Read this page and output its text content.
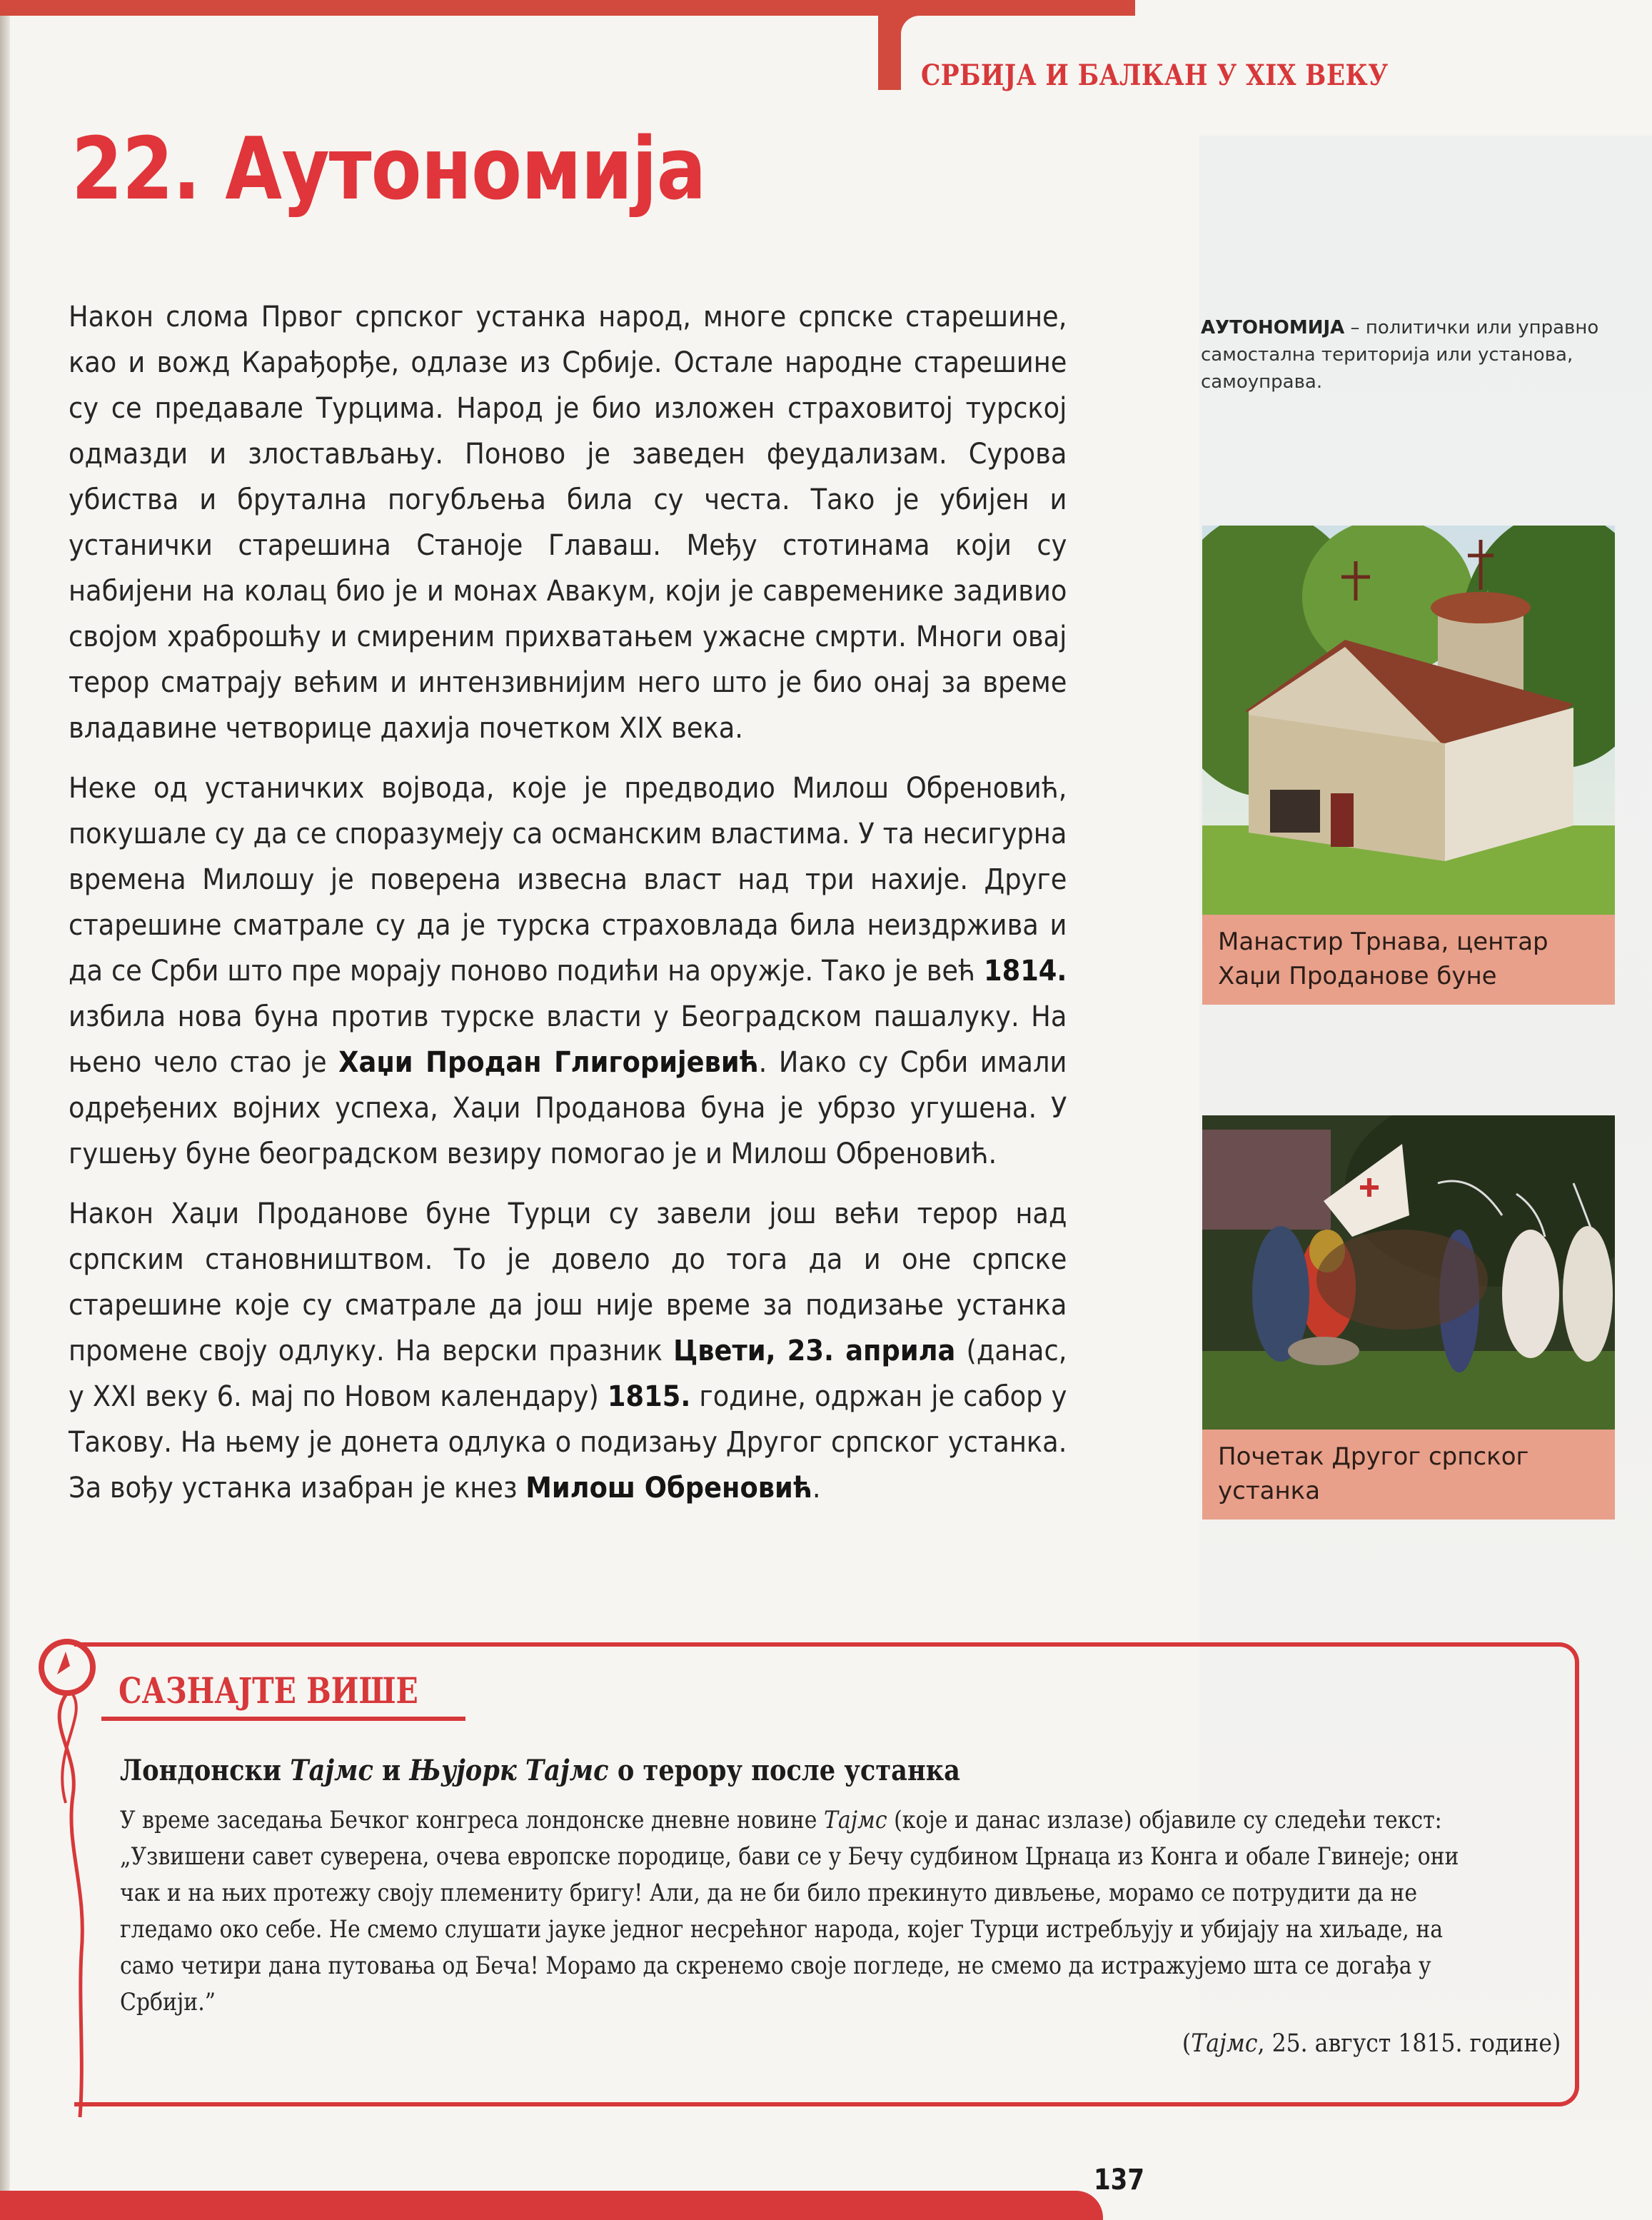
СРБИЈА И БАЛКАН У XIX ВЕКУ
22. Аутономија

Након слома Првог српског устанка народ, многе српске старешине, као и вожд Карађорђе, одлазе из Србије. Остале народне старешине су се предавале Турцима. Народ је био изложен страховитој турској одмазди и злостављању. Поново је заведен феудализам. Сурова убиства и брутална погубљења била су честа. Тако је убијен и устанички старешина Станоје Главаш. Међу стотинама који су набијени на колац био је и монах Авакум, који је савременике задивио својом храброшћу и смиреним прихватањем ужасне смрти. Многи овај терор сматрају већим и интензивнијим него што је био онај за време владавине четворице дахија почетком XIX века.

Неке од устаничких војвода, које је предводио Милош Обреновић, покушале су да се споразумеју са османским властима. У та несигурна времена Милошу је поверена извесна власт над три нахије. Друге старешине сматрале су да је турска страховлада била неиздржива и да се Срби што пре морају поново подићи на оружје. Тако је већ 1814. избила нова буна против турске власти у Београдском пашалуку. На њено чело стао је Хаџи Продан Глигоријевић. Иако су Срби имали одређених војних успеха, Хаџи Продановa буна је убрзо угушена. У гушењу буне београдском везиру помогао је и Милош Обреновић.

Након Хаџи Проданове буне Турци су завели још већи терор над српским становништвом. То је довело до тога да и оне српске старешине које су сматрале да још није време за подизање устанка промене своју одлуку. На верски празник Цвети, 23. априла (данас, у XXI веку 6. мај по Новом календару) 1815. године, одржан је сабор у Такову. На њему је донета одлука о подизању Другог српског устанка. За вођу устанка изабран је кнез Милош Обреновић.

АУТОНОМИЈА – политички или управно самостална територија или установа, самоуправа.
Манастир Трнава, центар Хаџи Проданове буне
Почетак Другог српског устанка
САЗНАЈТЕ ВИШЕ
Лондонски Тајмс и Њујорк Тајмс о терору после устанка
У време заседања Бечког конгреса лондонске дневне новине Тајмс (које и данас излазе) објавиле су следећи текст: „Узвишени савет суверена, очева европске породице, бави се у Бечу судбином Црнаца из Конга и обале Гвинеје; они чак и на њих протежу своју племениту бригу! Али, да не би било прекинуто дивљење, морамо се потрудити да не гледамо око себе. Не смемо слушати јауке једног несрећног народа, којег Турци истребљују и убијају на хиљаде, на само четири дана путовања од Беча! Морамо да скренемо своје погледе, не смемо да истражујемо шта се догађа у Србији.”
(Тајмс, 25. август 1815. године)
137
